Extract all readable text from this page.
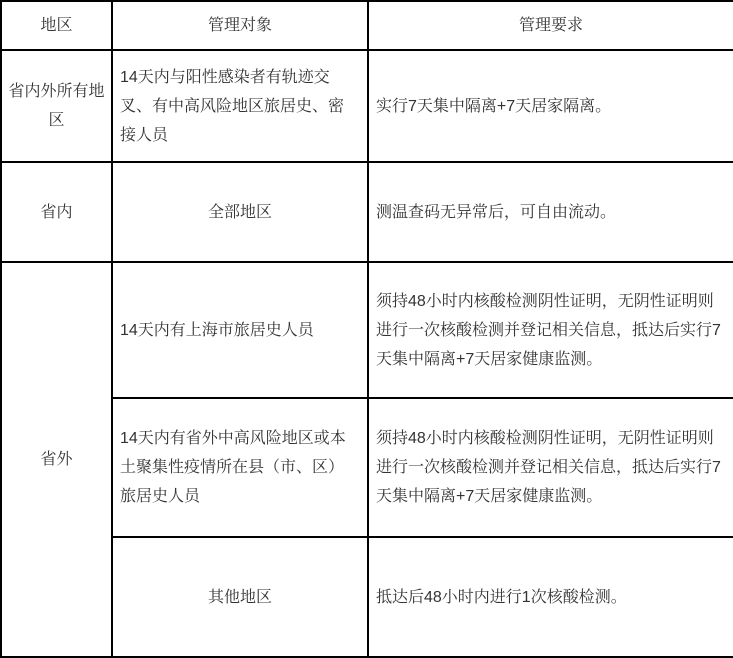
地区	管理对象	管理要求
省内外所有地区	14天内与阳性感染者有轨迹交叉、有中高风险地区旅居史、密接人员	实行7天集中隔离+7天居家隔离。
省内	全部地区	测温查码无异常后，可自由流动。
省外	14天内有上海市旅居史人员	须持48小时内核酸检测阴性证明，无阴性证明则进行一次核酸检测并登记相关信息，抵达后实行7天集中隔离+7天居家健康监测。
	14天内有省外中高风险地区或本土聚集性疫情所在县（市、区）旅居史人员	须持48小时内核酸检测阴性证明，无阴性证明则进行一次核酸检测并登记相关信息，抵达后实行7天集中隔离+7天居家健康监测。
	其他地区	抵达后48小时内进行1次核酸检测。
